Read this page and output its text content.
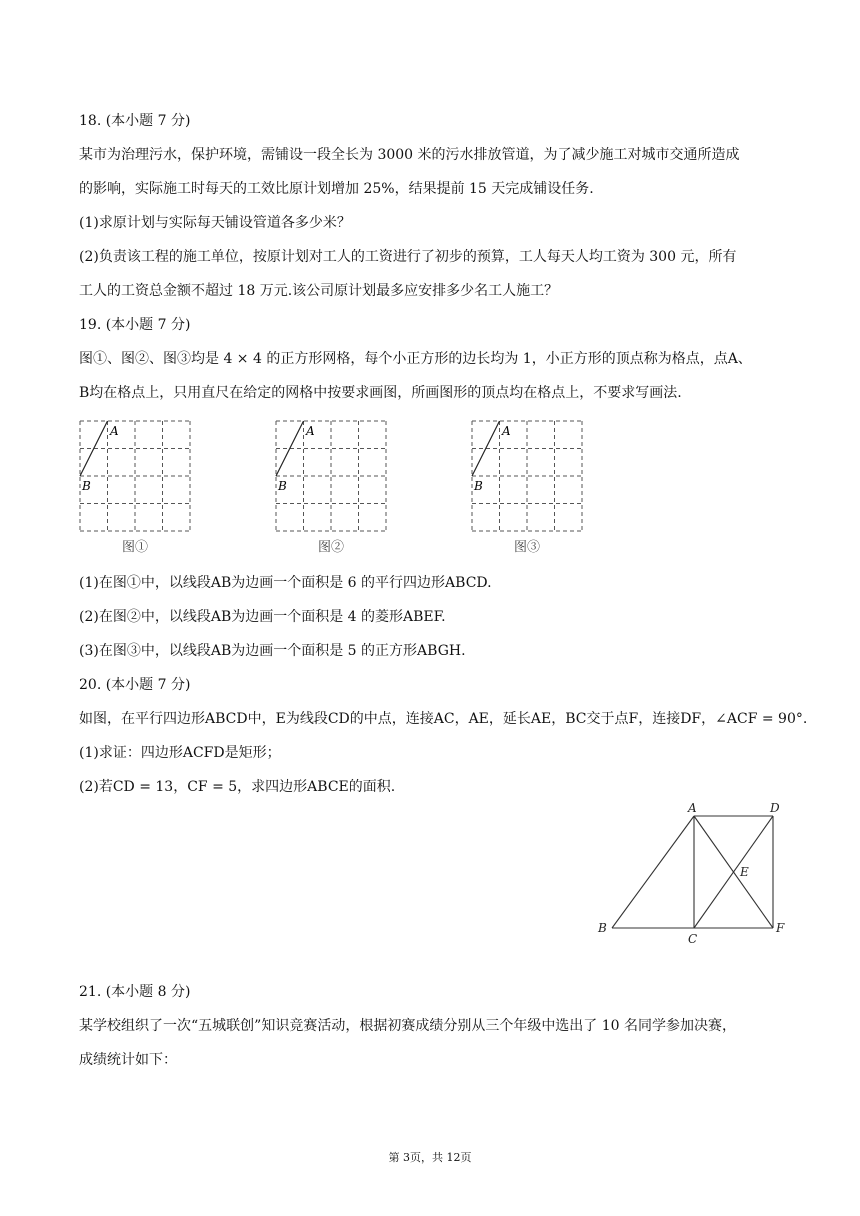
18. (本小题 7 分)
某市为治理污水，保护环境，需铺设一段全长为 3000 米的污水排放管道，为了减少施工对城市交通所造成
的影响，实际施工时每天的工效比原计划增加 25%，结果提前 15 天完成铺设任务.
(1)求原计划与实际每天铺设管道各多少米？
(2)负责该工程的施工单位，按原计划对工人的工资进行了初步的预算，工人每天人均工资为 300 元，所有
工人的工资总金额不超过 18 万元.该公司原计划最多应安排多少名工人施工？
19. (本小题 7 分)
图①、图②、图③均是 4 × 4 的正方形网格，每个小正方形的边长均为 1，小正方形的顶点称为格点，点A、
B均在格点上，只用直尺在给定的网格中按要求画图，所画图形的顶点均在格点上，不要求写画法.
A
B
图①
A
B
图②
A
B
图③
(1)在图①中，以线段AB为边画一个面积是 6 的平行四边形ABCD.
(2)在图②中，以线段AB为边画一个面积是 4 的菱形ABEF.
(3)在图③中，以线段AB为边画一个面积是 5 的正方形ABGH.
20. (本小题 7 分)
如图，在平行四边形ABCD中，E为线段CD的中点，连接AC，AE，延长AE，BC交于点F，连接DF，∠ACF = 90°.
(1)求证：四边形ACFD是矩形；
(2)若CD = 13，CF = 5，求四边形ABCE的面积.
A	D
B
C
F
E
21. (本小题 8 分)
某学校组织了一次“五城联创”知识竞赛活动，根据初赛成绩分别从三个年级中选出了 10 名同学参加决赛，
成绩统计如下：
第 3页，共 12页
